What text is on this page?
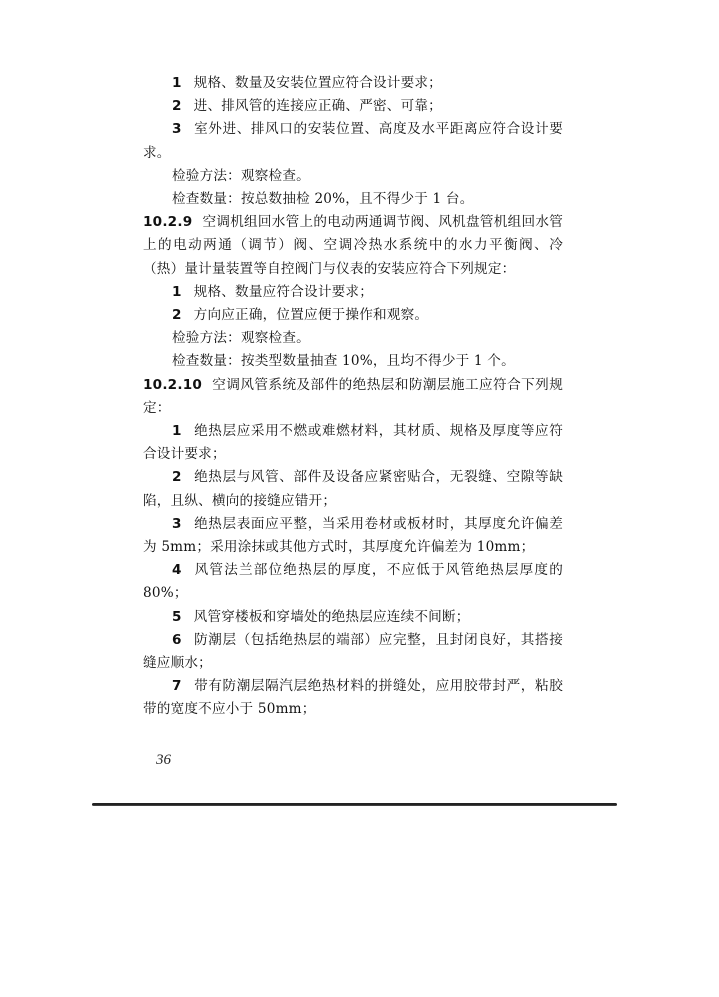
1 规格、数量及安装位置应符合设计要求；

2 进、排风管的连接应正确、严密、可靠；

3 室外进、排风口的安装位置、高度及水平距离应符合设计要求。

检验方法：观察检查。

检查数量：按总数抽检 20%，且不得少于 1 台。

10.2.9 空调机组回水管上的电动两通调节阀、风机盘管机组回水管上的电动两通（调节）阀、空调冷热水系统中的水力平衡阀、冷（热）量计量装置等自控阀门与仪表的安装应符合下列规定：

1 规格、数量应符合设计要求；

2 方向应正确，位置应便于操作和观察。

检验方法：观察检查。

检查数量：按类型数量抽查 10%，且均不得少于 1 个。

10.2.10 空调风管系统及部件的绝热层和防潮层施工应符合下列规定：

1 绝热层应采用不燃或难燃材料，其材质、规格及厚度等应符合设计要求；

2 绝热层与风管、部件及设备应紧密贴合，无裂缝、空隙等缺陷，且纵、横向的接缝应错开；

3 绝热层表面应平整，当采用卷材或板材时，其厚度允许偏差为 5mm；采用涂抹或其他方式时，其厚度允许偏差为 10mm；

4 风管法兰部位绝热层的厚度，不应低于风管绝热层厚度的 80%；

5 风管穿楼板和穿墙处的绝热层应连续不间断；

6 防潮层（包括绝热层的端部）应完整，且封闭良好，其搭接缝应顺水；

7 带有防潮层隔汽层绝热材料的拼缝处，应用胶带封严，粘胶带的宽度不应小于 50mm；

36
